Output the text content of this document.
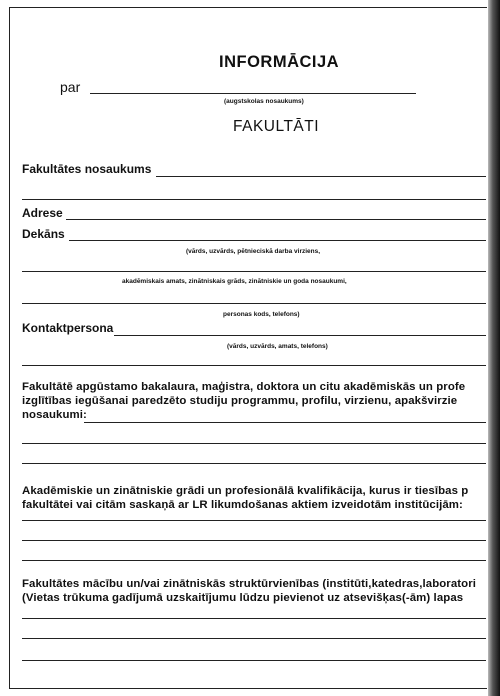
INFORMĀCIJA
par
(augstskolas nosaukums)
FAKULTĀTI
Fakultātes nosaukums
Adrese
Dekāns
(vārds, uzvārds, pētnieciskā darba virziens,
akadēmiskais amats, zinātniskais grāds, zinātniskie un goda nosaukumi,
personas kods, telefons)
Kontaktpersona
(vārds, uzvārds, amats, telefons)
Fakultātē apgūstamo bakalaura, maģistra, doktora un citu akadēmiskās un profe
izglītības iegūšanai paredzēto studiju programmu, profilu, virzienu, apakšvirzie
nosaukumi:
Akadēmiskie un zinātniskie grādi un profesionālā kvalifikācija, kurus ir tiesības p
fakultātei vai citām saskaņā ar LR likumdošanas aktiem izveidotām institūcijām:
Fakultātes mācību un/vai zinātniskās struktūrvienības (institūti,katedras,laboratori
(Vietas trūkuma gadījumā uzskaitījumu lūdzu pievienot uz atsevišķas(-ām) lapas
